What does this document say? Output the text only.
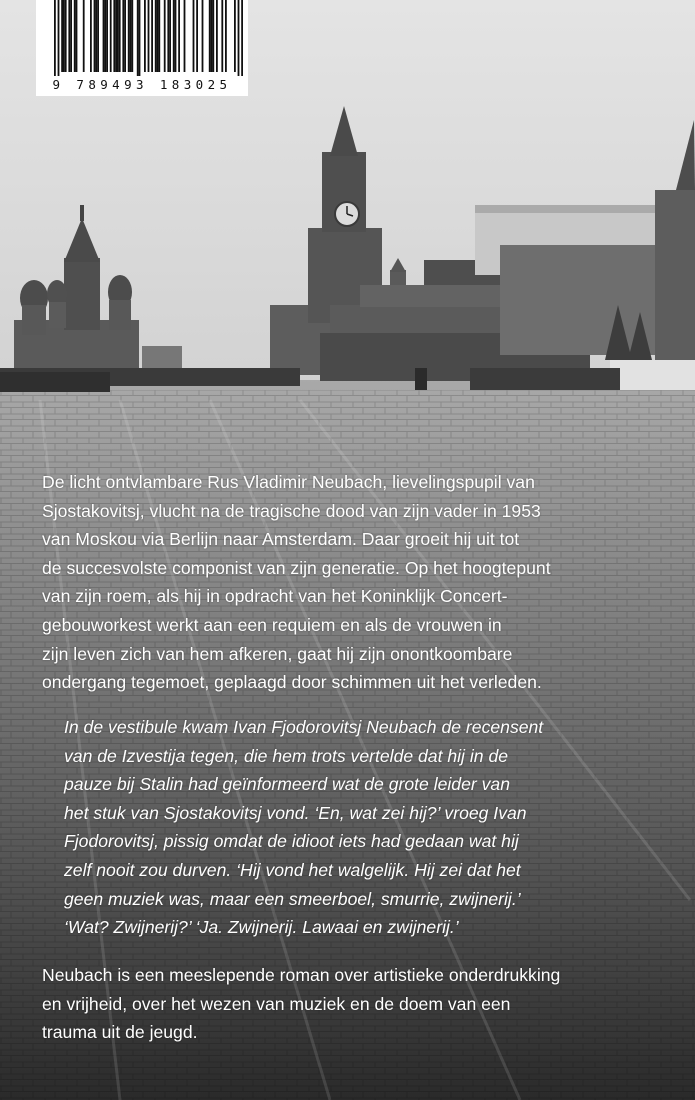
9 789493 183025
De licht ontvlambare Rus Vladimir Neubach, lievelingspupil van
Sjostakovitsj, vlucht na de tragische dood van zijn vader in 1953
van Moskou via Berlijn naar Amsterdam. Daar groeit hij uit tot
de succesvolste componist van zijn generatie. Op het hoogtepunt
van zijn roem, als hij in opdracht van het Koninklijk Concert-
gebouworkest werkt aan een requiem en als de vrouwen in
zijn leven zich van hem afkeren, gaat hij zijn onontkoombare
ondergang tegemoet, geplaagd door schimmen uit het verleden.
In de vestibule kwam Ivan Fjodorovitsj Neubach de recensent
van de Izvestija tegen, die hem trots vertelde dat hij in de
pauze bij Stalin had geïnformeerd wat de grote leider van
het stuk van Sjostakovitsj vond. ‘En, wat zei hij?’ vroeg Ivan
Fjodorovitsj, pissig omdat de idioot iets had gedaan wat hij
zelf nooit zou durven. ‘Hij vond het walgelijk. Hij zei dat het
geen muziek was, maar een smeerboel, smurrie, zwijnerij.’
‘Wat? Zwijnerij?’ ‘Ja. Zwijnerij. Lawaai en zwijnerij.’
Neubach is een meeslepende roman over artistieke onderdrukking
en vrijheid, over het wezen van muziek en de doem van een
trauma uit de jeugd.
